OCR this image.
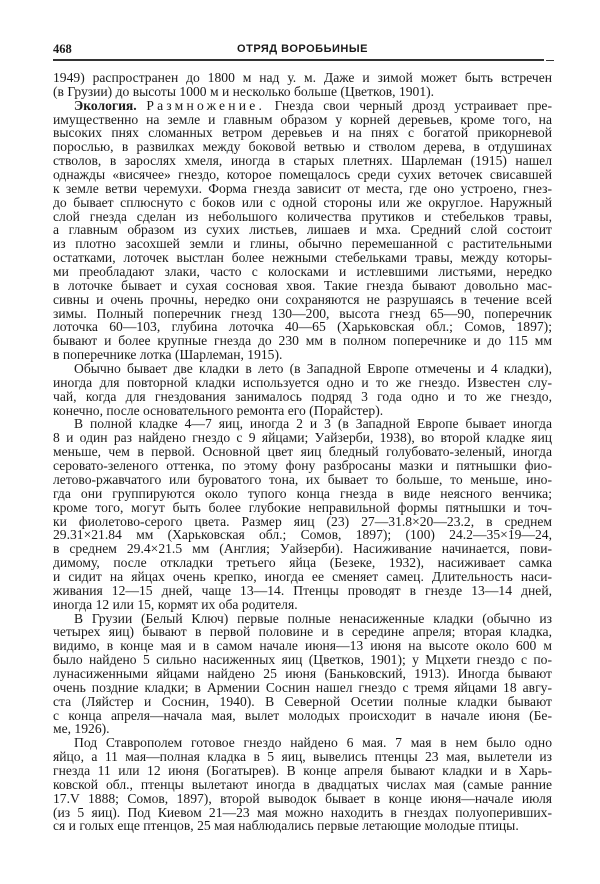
468	ОТРЯД ВОРОБЬИНЫЕ
1949) распространен до 1800 м над у. м. Даже и зимой может быть встречен
(в Грузии) до высоты 1000 м и несколько больше (Цветков, 1901).
Экология. Размножение. Гнезда свои черный дрозд устраивает пре-
имущественно на земле и главным образом у корней деревьев, кроме того, на
высоких пнях сломанных ветром деревьев и на пнях с богатой прикорневой
порослью, в развилках между боковой ветвью и стволом дерева, в отдушинах
стволов, в зарослях хмеля, иногда в старых плетнях. Шарлеман (1915) нашел
однажды «висячее» гнездо, которое помещалось среди сухих веточек свисавшей
к земле ветви черемухи. Форма гнезда зависит от места, где оно устроено, гнез-
до бывает сплюснуто с боков или с одной стороны или же округлое. Наружный
слой гнезда сделан из небольшого количества прутиков и стебельков травы,
а главным образом из сухих листьев, лишаев и мха. Средний слой состоит
из плотно засохшей земли и глины, обычно перемешанной с растительными
остатками, лоточек выстлан более нежными стебельками травы, между которы-
ми преобладают злаки, часто с колосками и истлевшими листьями, нередко
в лоточке бывает и сухая сосновая хвоя. Такие гнезда бывают довольно мас-
сивны и очень прочны, нередко они сохраняются не разрушаясь в течение всей
зимы. Полный поперечник гнезд 130—200, высота гнезд 65—90, поперечник
лоточка 60—103, глубина лоточка 40—65 (Харьковская обл.; Сомов, 1897);
бывают и более крупные гнезда до 230 мм в полном поперечнике и до 115 мм
в поперечнике лотка (Шарлеман, 1915).
Обычно бывает две кладки в лето (в Западной Европе отмечены и 4 кладки),
иногда для повторной кладки используется одно и то же гнездо. Известен слу-
чай, когда для гнездования занималось подряд 3 года одно и то же гнездо,
конечно, после основательного ремонта его (Порайстер).
В полной кладке 4—7 яиц, иногда 2 и 3 (в Западной Европе бывает иногда
8 и один раз найдено гнездо с 9 яйцами; Уайзерби, 1938), во второй кладке яиц
меньше, чем в первой. Основной цвет яиц бледный голубовато-зеленый, иногда
серовато-зеленого оттенка, по этому фону разбросаны мазки и пятнышки фио-
летово-ржавчатого или буроватого тона, их бывает то больше, то меньше, ино-
гда они группируются около тупого конца гнезда в виде неясного венчика;
кроме того, могут быть более глубокие неправильной формы пятнышки и точ-
ки фиолетово-серого цвета. Размер яиц (23) 27—31.8×20—23.2, в среднем
29.31×21.84 мм (Харьковская обл.; Сомов, 1897); (100) 24.2—35×19—24,
в среднем 29.4×21.5 мм (Англия; Уайзерби). Насиживание начинается, пови-
димому, после откладки третьего яйца (Безеке, 1932), насиживает самка
и сидит на яйцах очень крепко, иногда ее сменяет самец. Длительность наси-
живания 12—15 дней, чаще 13—14. Птенцы проводят в гнезде 13—14 дней,
иногда 12 или 15, кормят их оба родителя.
В Грузии (Белый Ключ) первые полные ненасиженные кладки (обычно из
четырех яиц) бывают в первой половине и в середине апреля; вторая кладка,
видимо, в конце мая и в самом начале июня—13 июня на высоте около 600 м
было найдено 5 сильно насиженных яиц (Цветков, 1901); у Мцхети гнездо с по-
лунасиженными яйцами найдено 25 июня (Баньковский, 1913). Иногда бывают
очень поздние кладки; в Армении Соснин нашел гнездо с тремя яйцами 18 авгу-
ста (Ляйстер и Соснин, 1940). В Северной Осетии полные кладки бывают
с конца апреля—начала мая, вылет молодых происходит в начале июня (Бе-
ме, 1926).
Под Ставрополем готовое гнездо найдено 6 мая. 7 мая в нем было одно
яйцо, а 11 мая—полная кладка в 5 яиц, вывелись птенцы 23 мая, вылетели из
гнезда 11 или 12 июня (Богатырев). В конце апреля бывают кладки и в Харь-
ковской обл., птенцы вылетают иногда в двадцатых числах мая (самые ранние
17.V 1888; Сомов, 1897), второй выводок бывает в конце июня—начале июля
(из 5 яиц). Под Киевом 21—23 мая можно находить в гнездах полуоперивших-
ся и голых еще птенцов, 25 мая наблюдались первые летающие молодые птицы.
